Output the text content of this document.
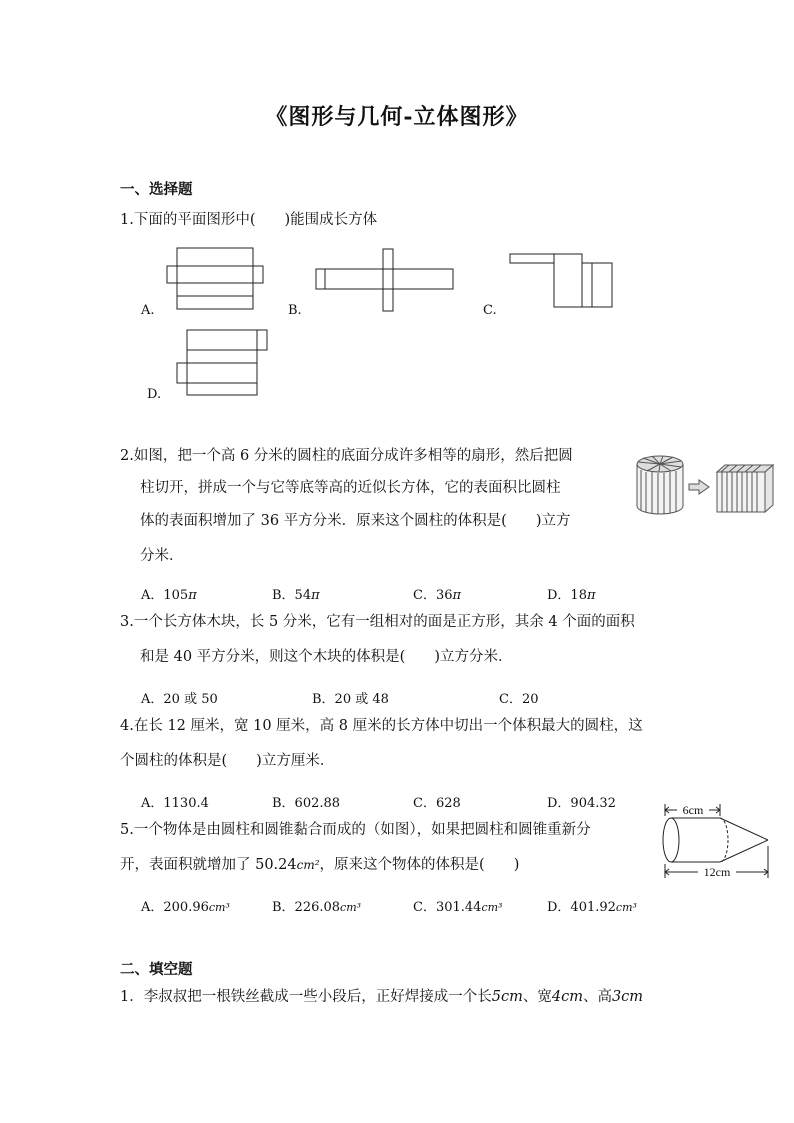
《图形与几何-立体图形》
一、选择题
1.下面的平面图形中(　　)能围成长方体
A.	B.	C.
D.
2.如图，把一个高 6 分米的圆柱的底面分成许多相等的扇形，然后把圆
柱切开，拼成一个与它等底等高的近似长方体，它的表面积比圆柱
体的表面积增加了 36 平方分米．原来这个圆柱的体积是(　　)立方
分米．
A．105π	B．54π	C．36π	D．18π
3.一个长方体木块，长 5 分米，它有一组相对的面是正方形，其余 4 个面的面积
和是 40 平方分米，则这个木块的体积是(　　)立方分米．
A．20 或 50	B．20 或 48	C．20
4.在长 12 厘米，宽 10 厘米，高 8 厘米的长方体中切出一个体积最大的圆柱，这
个圆柱的体积是(　　)立方厘米．
A．1130.4	B．602.88	C．628	D．904.32
5.一个物体是由圆柱和圆锥黏合而成的（如图），如果把圆柱和圆锥重新分
开，表面积就增加了 50.24cm²，原来这个物体的体积是(　　)
6cm
12cm
A．200.96cm³	B．226.08cm³	C．301.44cm³	D．401.92cm³
二、填空题
1．李叔叔把一根铁丝截成一些小段后，正好焊接成一个长5cm、宽4cm、高3cm
